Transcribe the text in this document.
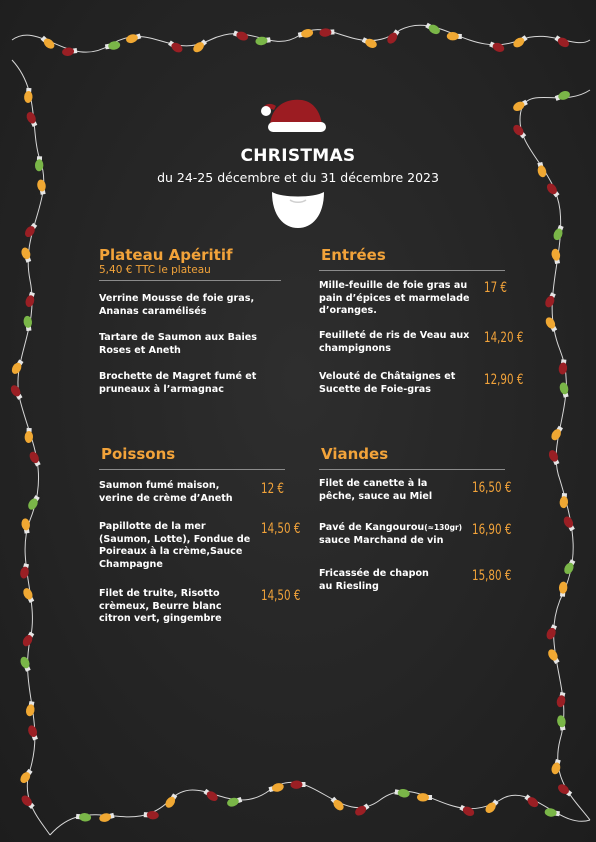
CHRISTMAS
du 24-25 décembre et du 31 décembre 2023
Plateau Apéritif
5,40 € TTC le plateau
Verrine Mousse de foie gras,
Ananas caramélisés
Tartare de Saumon aux Baies
Roses et Aneth
Brochette de Magret fumé et
pruneaux à l’armagnac
Entrées
Mille-feuille de foie gras au
pain d’épices et marmelade
d’oranges.
17 €
Feuilleté de ris de Veau aux
champignons
14,20 €
Velouté de Châtaignes et
Sucette de Foie-gras
12,90 €
Poissons
Saumon fumé maison,
verine de crème d’Aneth
12 €
Papillotte de la mer
(Saumon, Lotte), Fondue de
Poireaux à la crème,Sauce
Champagne
14,50 €
Filet de truite, Risotto
crèmeux, Beurre blanc
citron vert, gingembre
14,50 €
Viandes
Filet de canette à la
pêche, sauce au Miel
16,50 €
Pavé de Kangourou(≈130gr)
sauce Marchand de vin
16,90 €
Fricassée de chapon
au Riesling
15,80 €
